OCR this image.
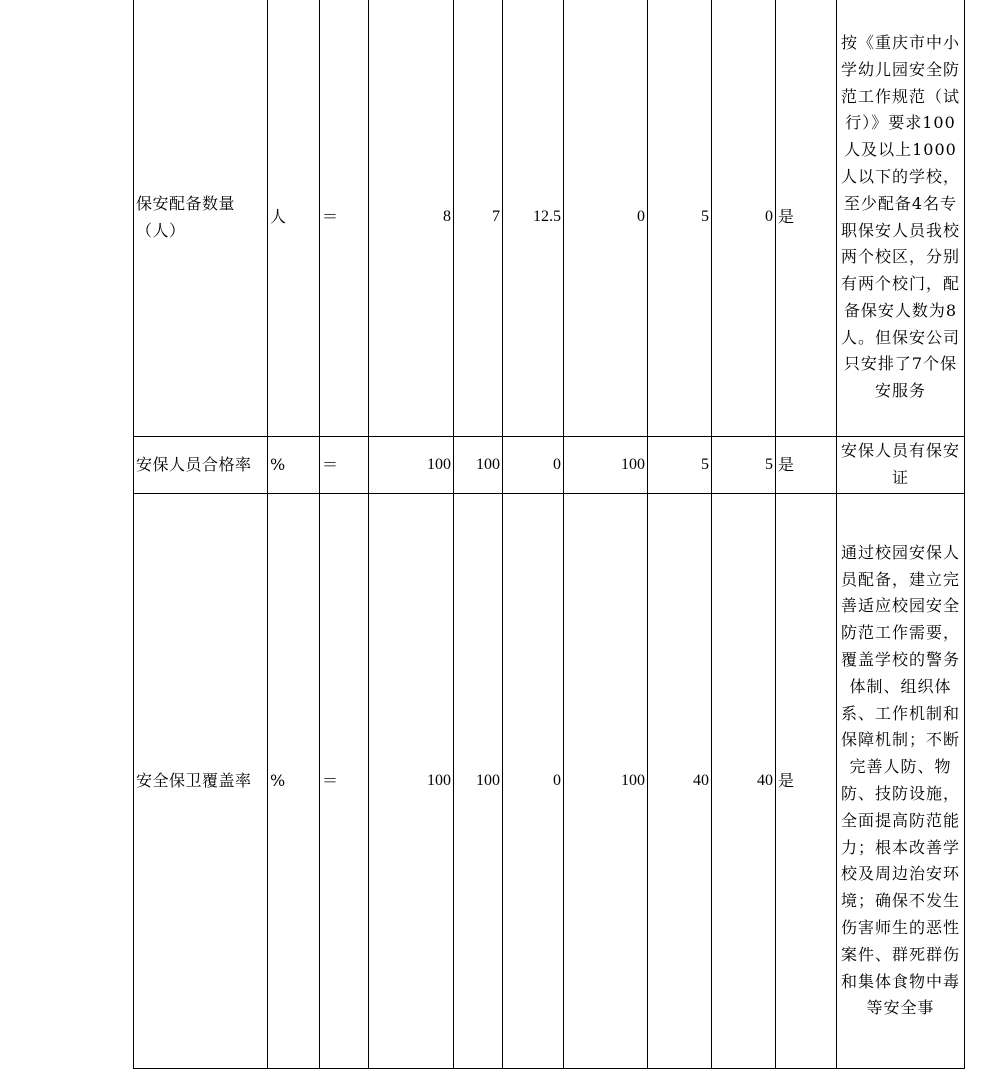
保安配备数量（人）	人	＝	8	7	12.5	0	5	0	是	按《重庆市中小学幼儿园安全防范工作规范（试行）》要求100人及以上1000人以下的学校，至少配备4名专职保安人员我校两个校区，分别有两个校门，配备保安人数为8人。但保安公司只安排了7个保安服务
安保人员合格率	%	＝	100	100	0	100	5	5	是	安保人员有保安证
安全保卫覆盖率	%	＝	100	100	0	100	40	40	是	通过校园安保人员配备，建立完善适应校园安全防范工作需要，覆盖学校的警务体制、组织体系、工作机制和保障机制；不断完善人防、物防、技防设施，全面提高防范能力；根本改善学校及周边治安环境；确保不发生伤害师生的恶性案件、群死群伤和集体食物中毒等安全事
